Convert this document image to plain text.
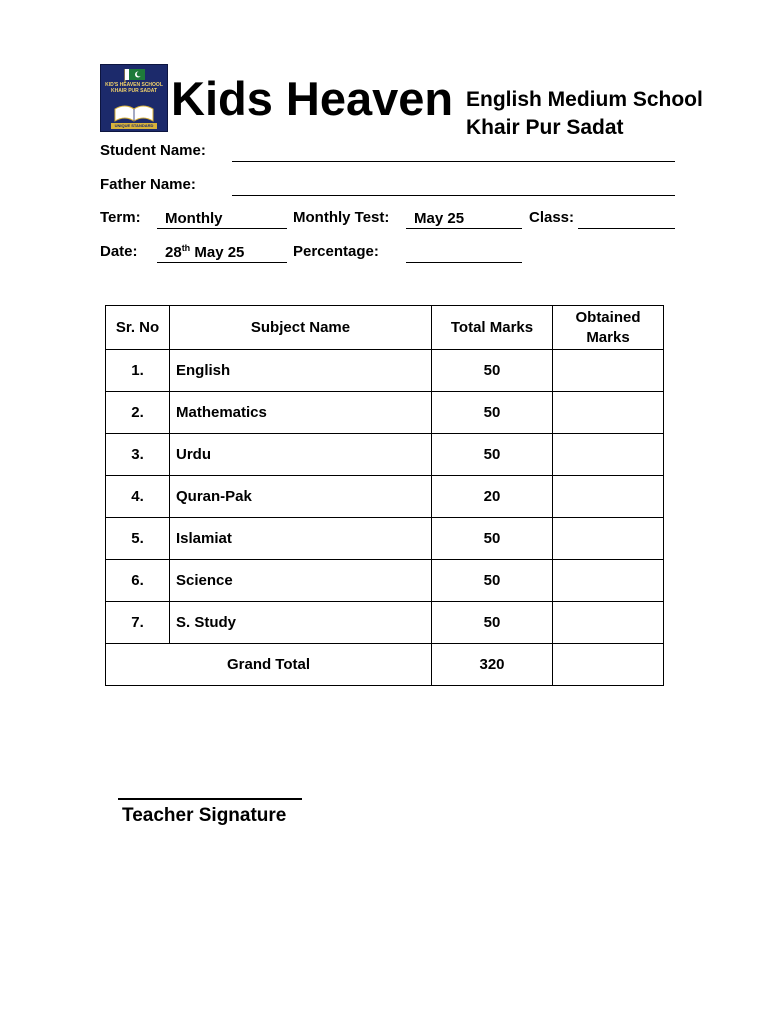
KID'S HEAVEN SCHOOL KHAIR PUR SADAT
UNIQUE STANDARD
Kids Heaven English Medium School
Khair Pur Sadat
Student Name:
Father Name:
Term:	Monthly	Monthly Test:	May 25	Class:
Date:	28th May 25	Percentage:
Sr. No	Subject Name	Total Marks	Obtained Marks
1.	English	50	
2.	Mathematics	50	
3.	Urdu	50	
4.	Quran-Pak	20	
5.	Islamiat	50	
6.	Science	50	
7.	S. Study	50	
Grand Total		320	
Teacher Signature
